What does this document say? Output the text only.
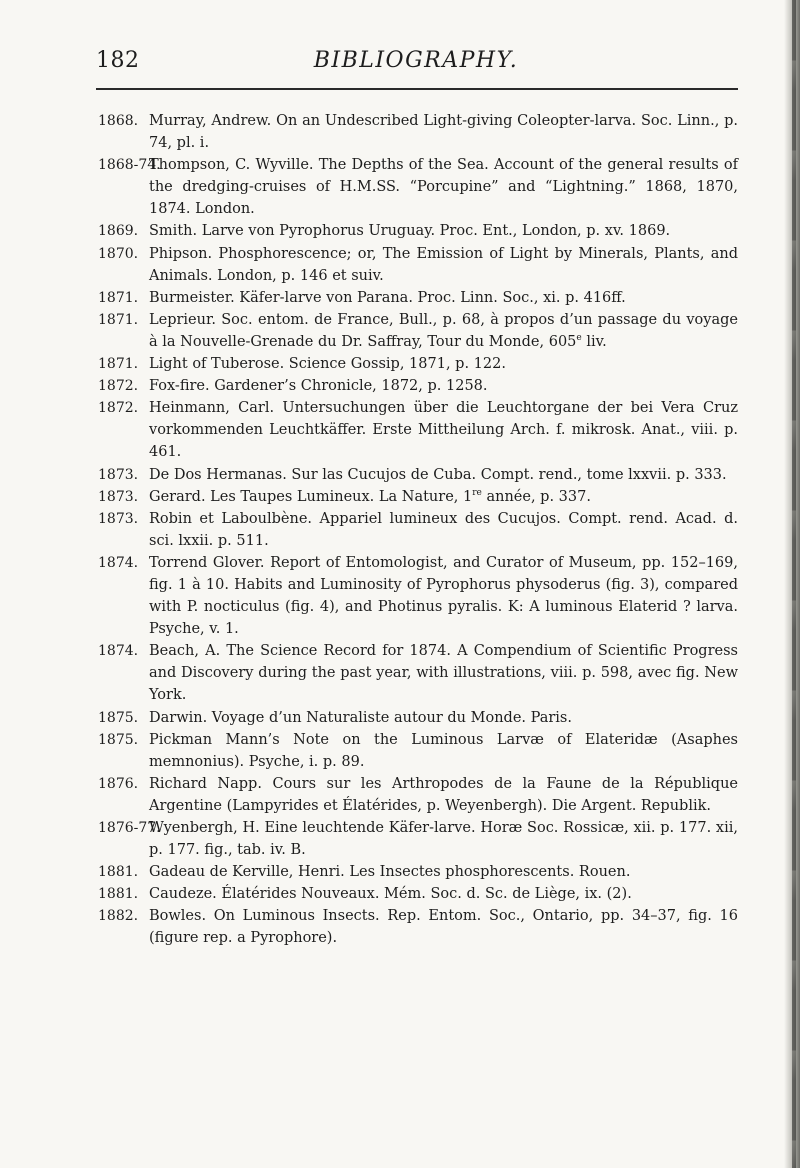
182	BIBLIOGRAPHY.
1868. Murray, Andrew. On an Undescribed Light-giving Coleopter-larva. Soc. Linn., p. 74, pl. i.
1868-74.
Thompson, C. Wyville. The Depths of the Sea. Account of the general results of the dredging-cruises of H.M.SS. “Porcupine” and “Lightning.” 1868, 1870, 1874. London.
1869. Smith. Larve von Pyrophorus Uruguay. Proc. Ent., London, p. xv. 1869.
1870. Phipson. Phosphorescence; or, The Emission of Light by Minerals, Plants, and Animals. London, p. 146 et suiv.
1871. Burmeister. Käfer-larve von Parana. Proc. Linn. Soc., xi. p. 416ff.
1871. Leprieur. Soc. entom. de France, Bull., p. 68, à propos d’un passage du voyage à la Nouvelle-Grenade du Dr. Saffray, Tour du Monde, 605e liv.
1871. Light of Tuberose. Science Gossip, 1871, p. 122.
1872. Fox-fire. Gardener’s Chronicle, 1872, p. 1258.
1872. Heinmann, Carl. Untersuchungen über die Leuchtorgane der bei Vera Cruz vorkommenden Leuchtkäffer. Erste Mittheilung Arch. f. mikrosk. Anat., viii. p. 461.
1873. De Dos Hermanas. Sur las Cucujos de Cuba. Compt. rend., tome lxxvii. p. 333.
1873. Gerard. Les Taupes Lumineux. La Nature, 1re année, p. 337.
1873. Robin et Laboulbène. Appariel lumineux des Cucujos. Compt. rend. Acad. d. sci. lxxii. p. 511.
1874. Torrend Glover. Report of Entomologist, and Curator of Museum, pp. 152–169, fig. 1 à 10. Habits and Luminosity of Pyrophorus physoderus (fig. 3), compared with P. nocticulus (fig. 4), and Photinus pyralis. K: A luminous Elaterid ? larva. Psyche, v. 1.
1874. Beach, A. The Science Record for 1874. A Compendium of Scientific Progress and Discovery during the past year, with illustrations, viii. p. 598, avec fig. New York.
1875. Darwin. Voyage d’un Naturaliste autour du Monde. Paris.
1875. Pickman Mann’s Note on the Luminous Larvæ of Elateridæ (Asaphes memnonius). Psyche, i. p. 89.
1876. Richard Napp. Cours sur les Arthropodes de la Faune de la République Argentine (Lampyrides et Élatérides, p. Weyenbergh). Die Argent. Republik.
1876-77.
Wyenbergh, H. Eine leuchtende Käfer-larve. Horæ Soc. Rossicæ, xii. p. 177. xii, p. 177. fig., tab. iv. B.
1881. Gadeau de Kerville, Henri. Les Insectes phosphorescents. Rouen.
1881. Caudeze. Élatérides Nouveaux. Mém. Soc. d. Sc. de Liège, ix. (2).
1882. Bowles. On Luminous Insects. Rep. Entom. Soc., Ontario, pp. 34–37, fig. 16 (figure rep. a Pyrophore).
